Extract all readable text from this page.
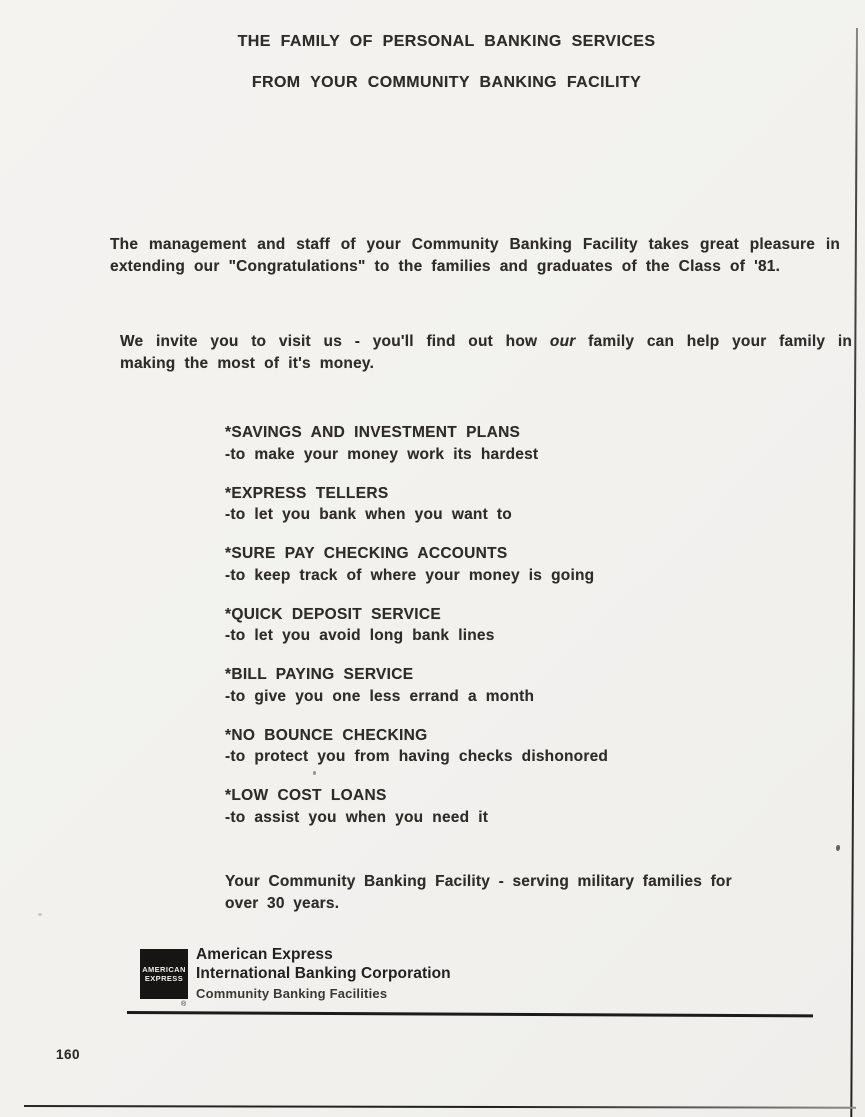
THE FAMILY OF PERSONAL BANKING SERVICES
FROM YOUR COMMUNITY BANKING FACILITY

The management and staff of your Community Banking Facility takes great pleasure in extending our "Congratulations" to the families and graduates of the Class of '81.

We invite you to visit us - you'll find out how our family can help your family in making the most of it's money.

*SAVINGS AND INVESTMENT PLANS
-to make your money work its hardest
*EXPRESS TELLERS
-to let you bank when you want to
*SURE PAY CHECKING ACCOUNTS
-to keep track of where your money is going
*QUICK DEPOSIT SERVICE
-to let you avoid long bank lines
*BILL PAYING SERVICE
-to give you one less errand a month
*NO BOUNCE CHECKING
-to protect you from having checks dishonored
*LOW COST LOANS
-to assist you when you need it

Your Community Banking Facility - serving military families for over 30 years.

AMERICAN
EXPRESS
®
American Express
International Banking Corporation
Community Banking Facilities
160
